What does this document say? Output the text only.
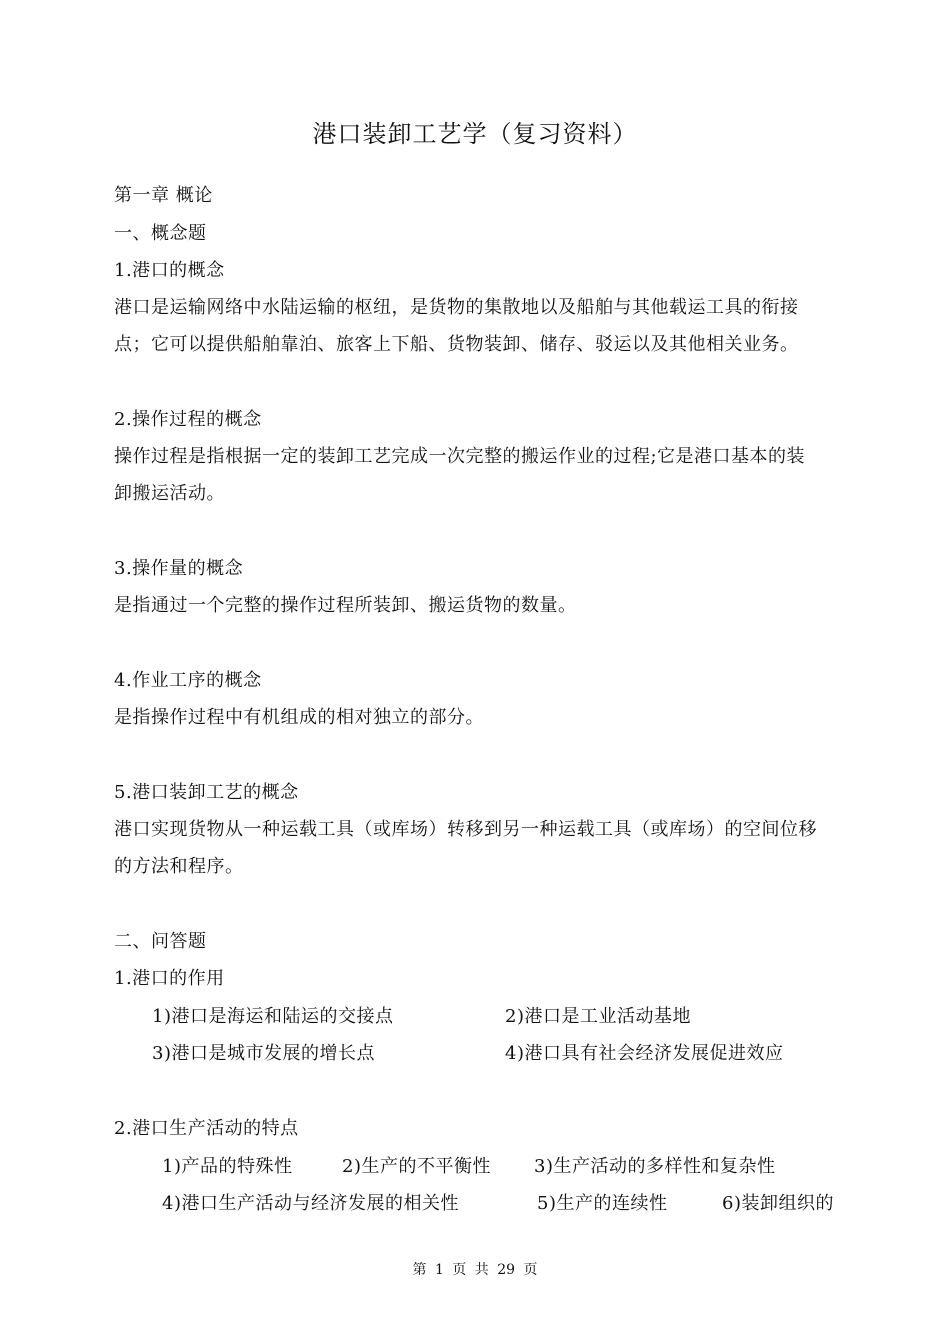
港口装卸工艺学（复习资料）
第一章 概论
一、概念题
1.港口的概念
港口是运输网络中水陆运输的枢纽，是货物的集散地以及船舶与其他载运工具的衔接
点；它可以提供船舶靠泊、旅客上下船、货物装卸、储存、驳运以及其他相关业务。
2.操作过程的概念
操作过程是指根据一定的装卸工艺完成一次完整的搬运作业的过程;它是港口基本的装
卸搬运活动。
3.操作量的概念
是指通过一个完整的操作过程所装卸、搬运货物的数量。
4.作业工序的概念
是指操作过程中有机组成的相对独立的部分。
5.港口装卸工艺的概念
港口实现货物从一种运载工具（或库场）转移到另一种运载工具（或库场）的空间位移
的方法和程序。
二、问答题
1.港口的作用
1)港口是海运和陆运的交接点	2)港口是工业活动基地
3)港口是城市发展的增长点	4)港口具有社会经济发展促进效应
2.港口生产活动的特点
1)产品的特殊性	2)生产的不平衡性 3)生产活动的多样性和复杂性
4)港口生产活动与经济发展的相关性	5)生产的连续性	6)装卸组织的
第 1 页 共 29 页
